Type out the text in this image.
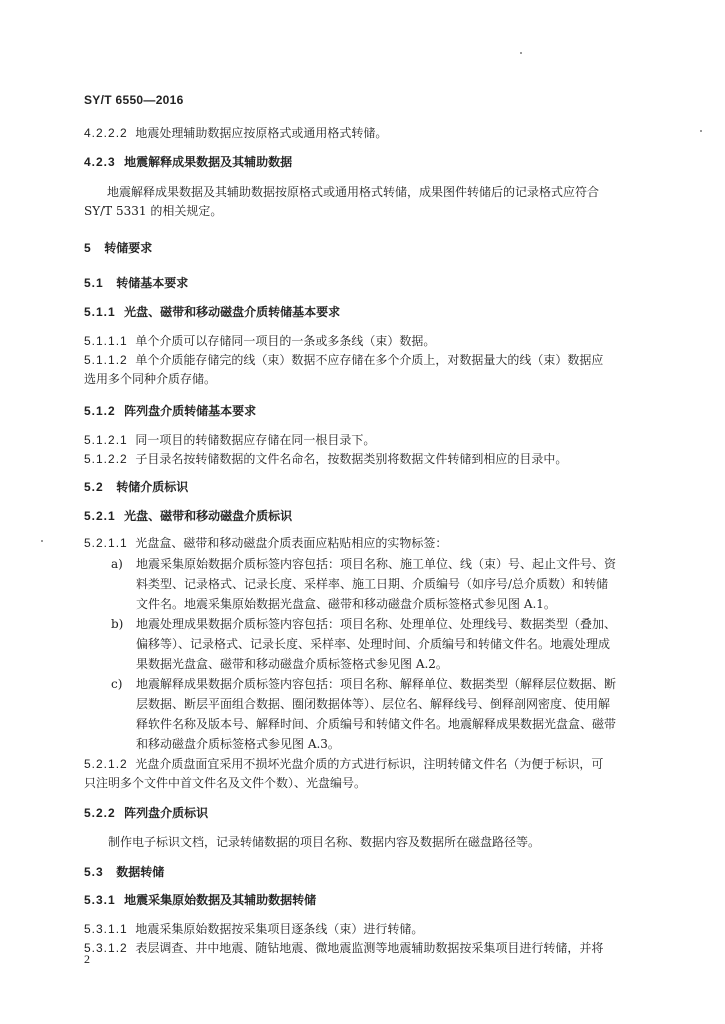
SY/T 6550—2016
4.2.2.2 地震处理辅助数据应按原格式或通用格式转储。
4.2.3 地震解释成果数据及其辅助数据
地震解释成果数据及其辅助数据按原格式或通用格式转储，成果图件转储后的记录格式应符合
SY/T 5331 的相关规定。
5 转储要求
5.1 转储基本要求
5.1.1 光盘、磁带和移动磁盘介质转储基本要求
5.1.1.1 单个介质可以存储同一项目的一条或多条线（束）数据。
5.1.1.2 单个介质能存储完的线（束）数据不应存储在多个介质上，对数据量大的线（束）数据应
选用多个同种介质存储。
5.1.2 阵列盘介质转储基本要求
5.1.2.1 同一项目的转储数据应存储在同一根目录下。
5.1.2.2 子目录名按转储数据的文件名命名，按数据类别将数据文件转储到相应的目录中。
5.2 转储介质标识
5.2.1 光盘、磁带和移动磁盘介质标识
5.2.1.1 光盘盒、磁带和移动磁盘介质表面应粘贴相应的实物标签：
a) 地震采集原始数据介质标签内容包括：项目名称、施工单位、线（束）号、起止文件号、资
料类型、记录格式、记录长度、采样率、施工日期、介质编号（如序号/总介质数）和转储
文件名。地震采集原始数据光盘盒、磁带和移动磁盘介质标签格式参见图 A.1。
b) 地震处理成果数据介质标签内容包括：项目名称、处理单位、处理线号、数据类型（叠加、
偏移等）、记录格式、记录长度、采样率、处理时间、介质编号和转储文件名。地震处理成
果数据光盘盒、磁带和移动磁盘介质标签格式参见图 A.2。
c) 地震解释成果数据介质标签内容包括：项目名称、解释单位、数据类型（解释层位数据、断
层数据、断层平面组合数据、圈闭数据体等）、层位名、解释线号、倒释剖网密度、使用解
释软件名称及版本号、解释时间、介质编号和转储文件名。地震解释成果数据光盘盒、磁带
和移动磁盘介质标签格式参见图 A.3。
5.2.1.2 光盘介质盘面宜采用不损坏光盘介质的方式进行标识，注明转储文件名（为便于标识，可
只注明多个文件中首文件名及文件个数）、光盘编号。
5.2.2 阵列盘介质标识
制作电子标识文档，记录转储数据的项目名称、数据内容及数据所在磁盘路径等。
5.3 数据转储
5.3.1 地震采集原始数据及其辅助数据转储
5.3.1.1 地震采集原始数据按采集项目逐条线（束）进行转储。
5.3.1.2 表层调查、井中地震、随钻地震、微地震监测等地震辅助数据按采集项目进行转储，并将
2
